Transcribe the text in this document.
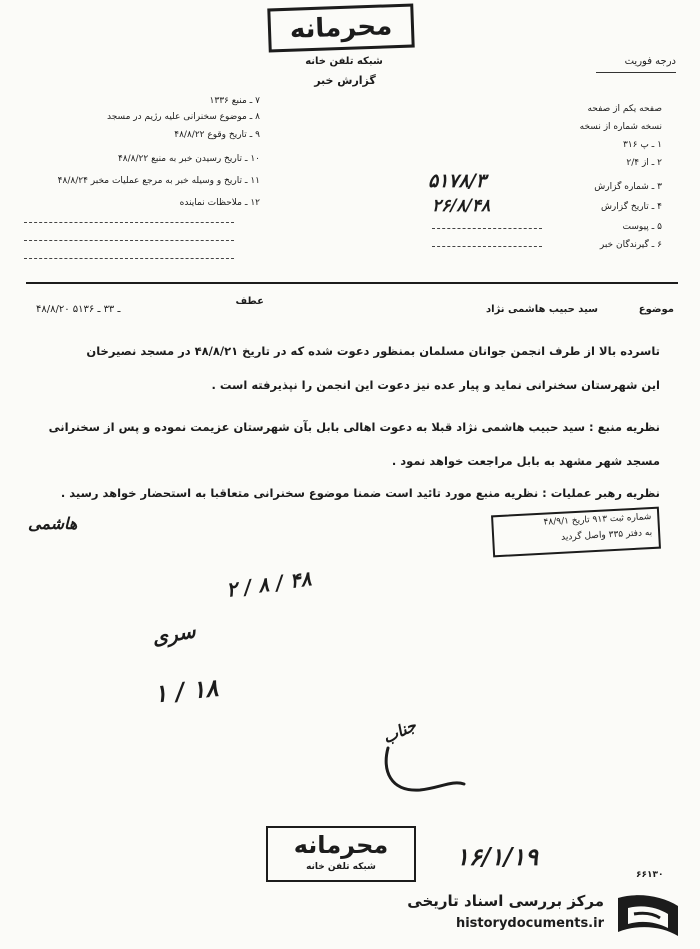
محرمانه
شبکه تلفن خانه
گزارش خبر
درجه فوریت
صفحه یکم از صفحه
نسخه شماره از نسخه
۱ ـ پ ۳۱۶
۲ ـ از ۲/۴
۳ ـ شماره گزارش
۴ ـ تاریخ گزارش
۵ ـ پیوست
۶ ـ گیرندگان خبر
۵۱۷۸/۳
۲۶/۸/۴۸
۷ ـ منبع ۱۳۳۶
۸ ـ موضوع سخنرانی علیه رژیم در مسجد
۹ ـ تاریخ وقوع ۴۸/۸/۲۲
۱۰ ـ تاریخ رسیدن خبر به منبع ۴۸/۸/۲۲
۱۱ ـ تاریخ و وسیله خبر به مرجع عملیات مخبر ۴۸/۸/۲۴
۱۲ ـ ملاحظات نماینده
موضوع
سید حبیب هاشمی نژاد
عطف
۴۸/۸/۲۰ ـ ۳۳ ـ ۵۱۳۶
تاسرده بالا از طرف انجمن جوانان مسلمان بمنظور دعوت شده که در تاریخ ۴۸/۸/۲۱ در مسجد نصیرخان
این شهرستان سخنرانی نماید و پیار عده نیز دعوت این انجمن را نپذیرفته است .
نظریه منبع : سید حبیب هاشمی نژاد قبلا به دعوت اهالی بابل بآن شهرستان عزیمت نموده و پس از سخنرانی
مسجد شهر مشهد به بابل مراجعت خواهد نمود .
نظریه رهبر عملیات : نظریه منبع مورد تائید است ضمنا موضوع سخنرانی متعاقبا به استحضار خواهد رسید .
هاشمی	شماره ثبت ۹۱۳ تاریخ ۴۸/۹/۱
به دفتر ۳۳۵ واصل گردید
۲ / ۸ / ۴۸
سری
۱ / ۱۸
جناب
محرمانه
شبکه تلفن خانه	۱۶/۱/۱۹
۶۶۱۳۰
مرکز بررسی اسناد تاریخی
historydocuments.ir
